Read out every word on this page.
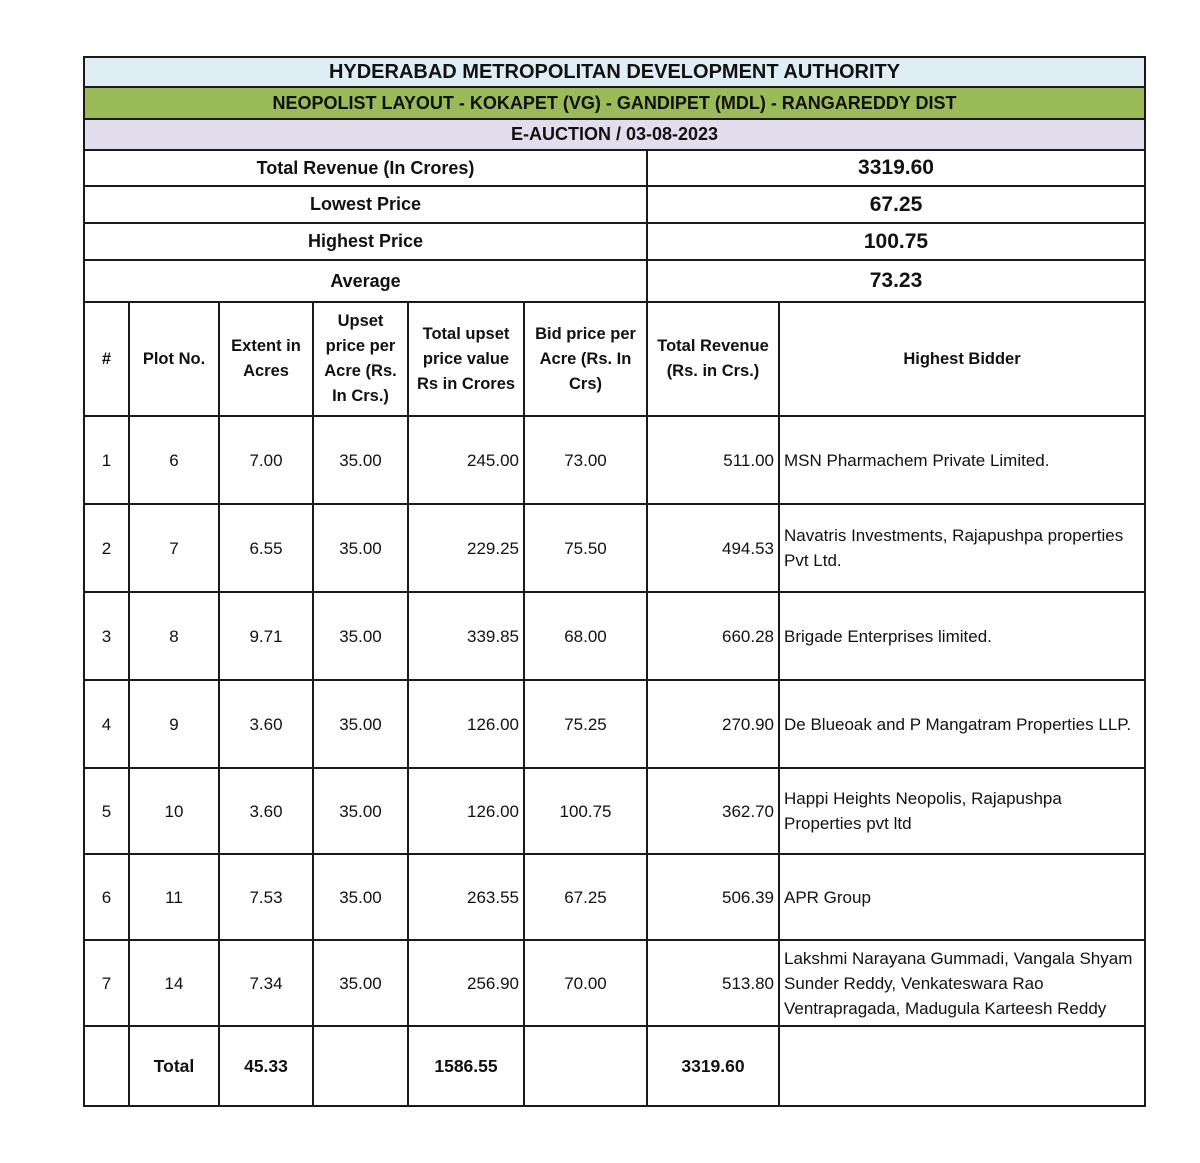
HYDERABAD METROPOLITAN DEVELOPMENT AUTHORITY							
NEOPOLIST LAYOUT - KOKAPET (VG) - GANDIPET (MDL) - RANGAREDDY DIST							
E-AUCTION / 03-08-2023							
Total Revenue (In Crores)						3319.60	
Lowest Price						67.25	
Highest Price						100.75	
Average						73.23	
#	Plot No.	Extent in Acres	Upset price per Acre (Rs. In Crs.)	Total upset price value Rs in Crores	Bid price per Acre (Rs. In Crs)	Total Revenue (Rs. in Crs.)	Highest Bidder
1	6	7.00	35.00	245.00	73.00	511.00	MSN Pharmachem Private Limited.
2	7	6.55	35.00	229.25	75.50	494.53	Navatris Investments, Rajapushpa properties Pvt Ltd.
3	8	9.71	35.00	339.85	68.00	660.28	Brigade Enterprises limited.
4	9	3.60	35.00	126.00	75.25	270.90	De Blueoak and P Mangatram Properties LLP.
5	10	3.60	35.00	126.00	100.75	362.70	Happi Heights Neopolis, Rajapushpa Properties pvt ltd
6	11	7.53	35.00	263.55	67.25	506.39	APR Group
7	14	7.34	35.00	256.90	70.00	513.80	Lakshmi Narayana Gummadi, Vangala Shyam Sunder Reddy, Venkateswara Rao Ventrapragada, Madugula Karteesh Reddy
	Total	45.33		1586.55		3319.60	
